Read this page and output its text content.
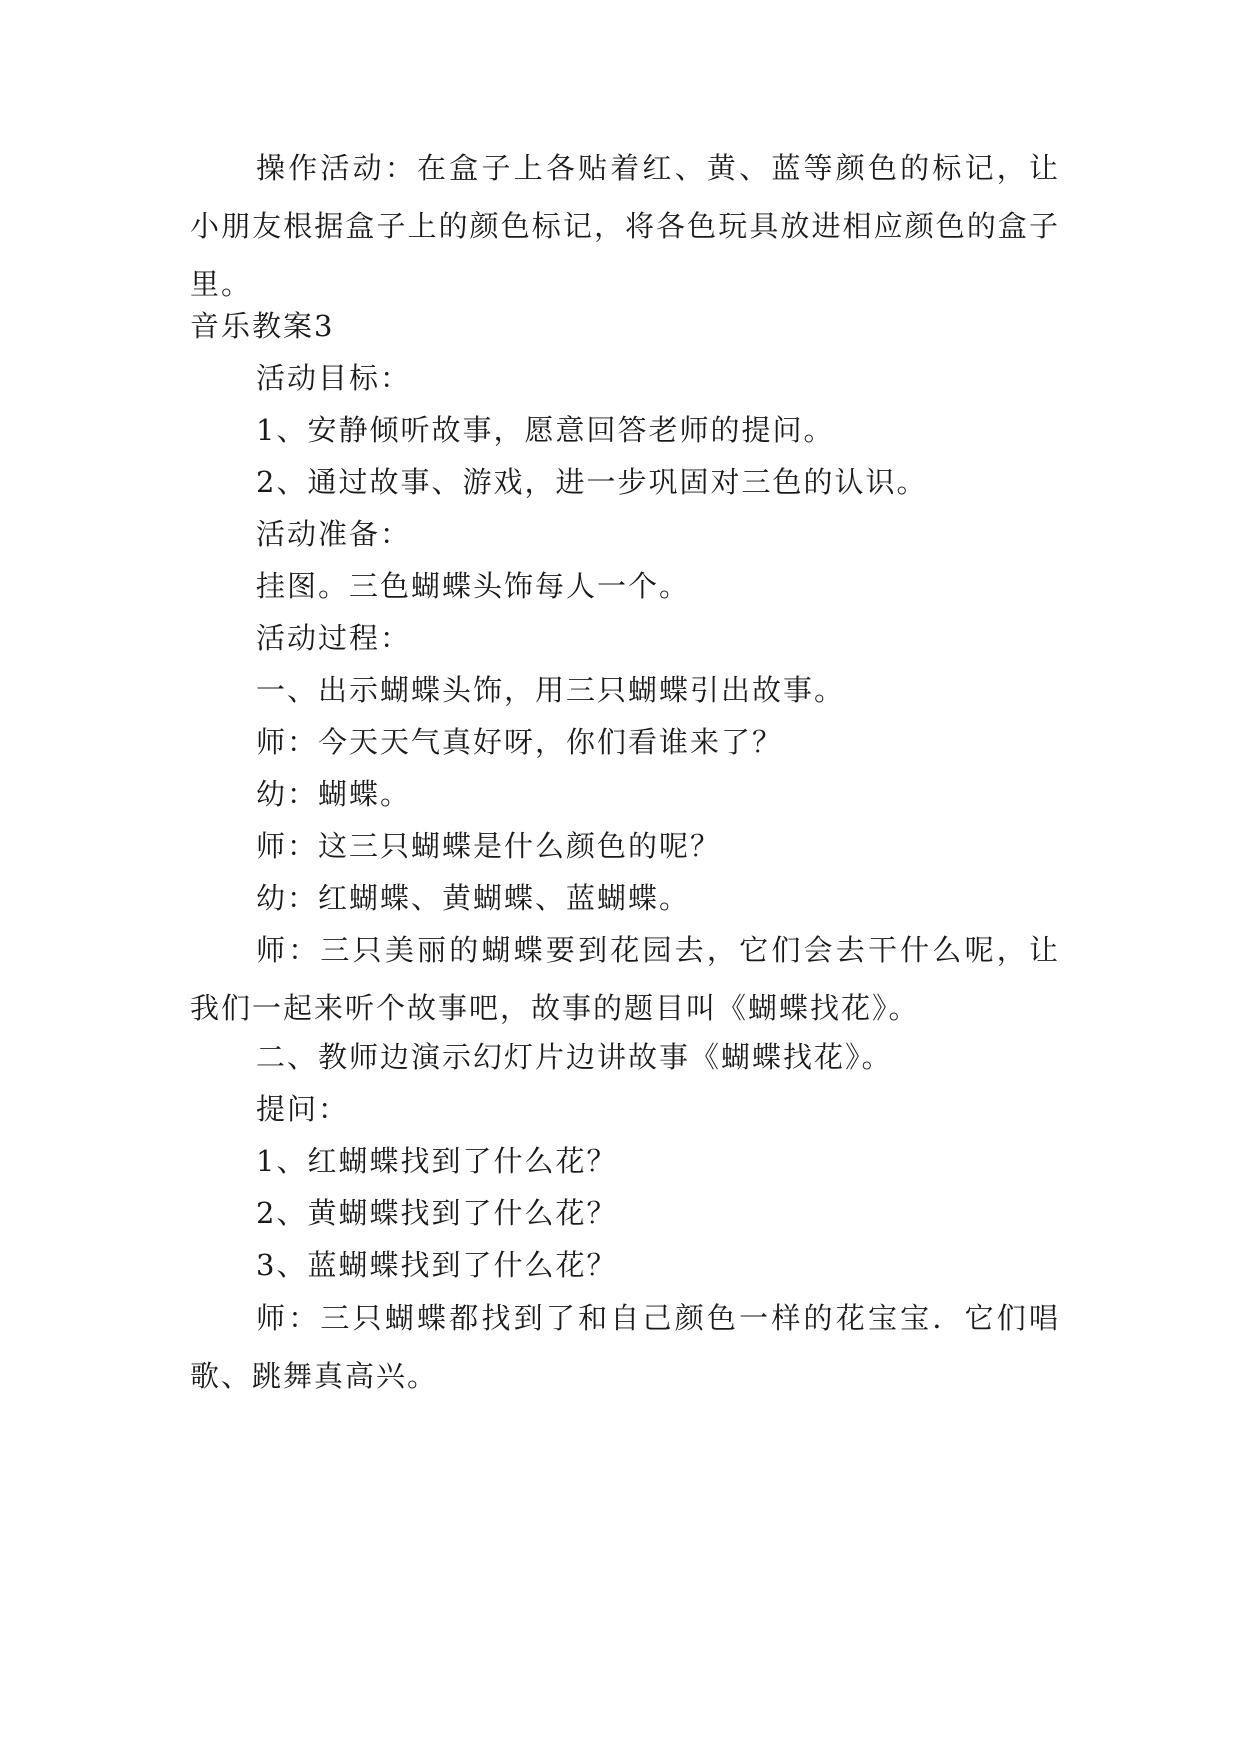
操作活动：在盒子上各贴着红、黄、蓝等颜色的标记，让小朋友根据盒子上的颜色标记，将各色玩具放进相应颜色的盒子里。
音乐教案3
活动目标：
1、安静倾听故事，愿意回答老师的提问。
2、通过故事、游戏，进一步巩固对三色的认识。
活动准备：
挂图。三色蝴蝶头饰每人一个。
活动过程：
一、出示蝴蝶头饰，用三只蝴蝶引出故事。
师：今天天气真好呀，你们看谁来了？
幼：蝴蝶。
师：这三只蝴蝶是什么颜色的呢？
幼：红蝴蝶、黄蝴蝶、蓝蝴蝶。
师：三只美丽的蝴蝶要到花园去，它们会去干什么呢，让我们一起来听个故事吧，故事的题目叫《蝴蝶找花》。
二、教师边演示幻灯片边讲故事《蝴蝶找花》。
提问：
1、红蝴蝶找到了什么花？
2、黄蝴蝶找到了什么花？
3、蓝蝴蝶找到了什么花？
师：三只蝴蝶都找到了和自己颜色一样的花宝宝．它们唱歌、跳舞真高兴。
